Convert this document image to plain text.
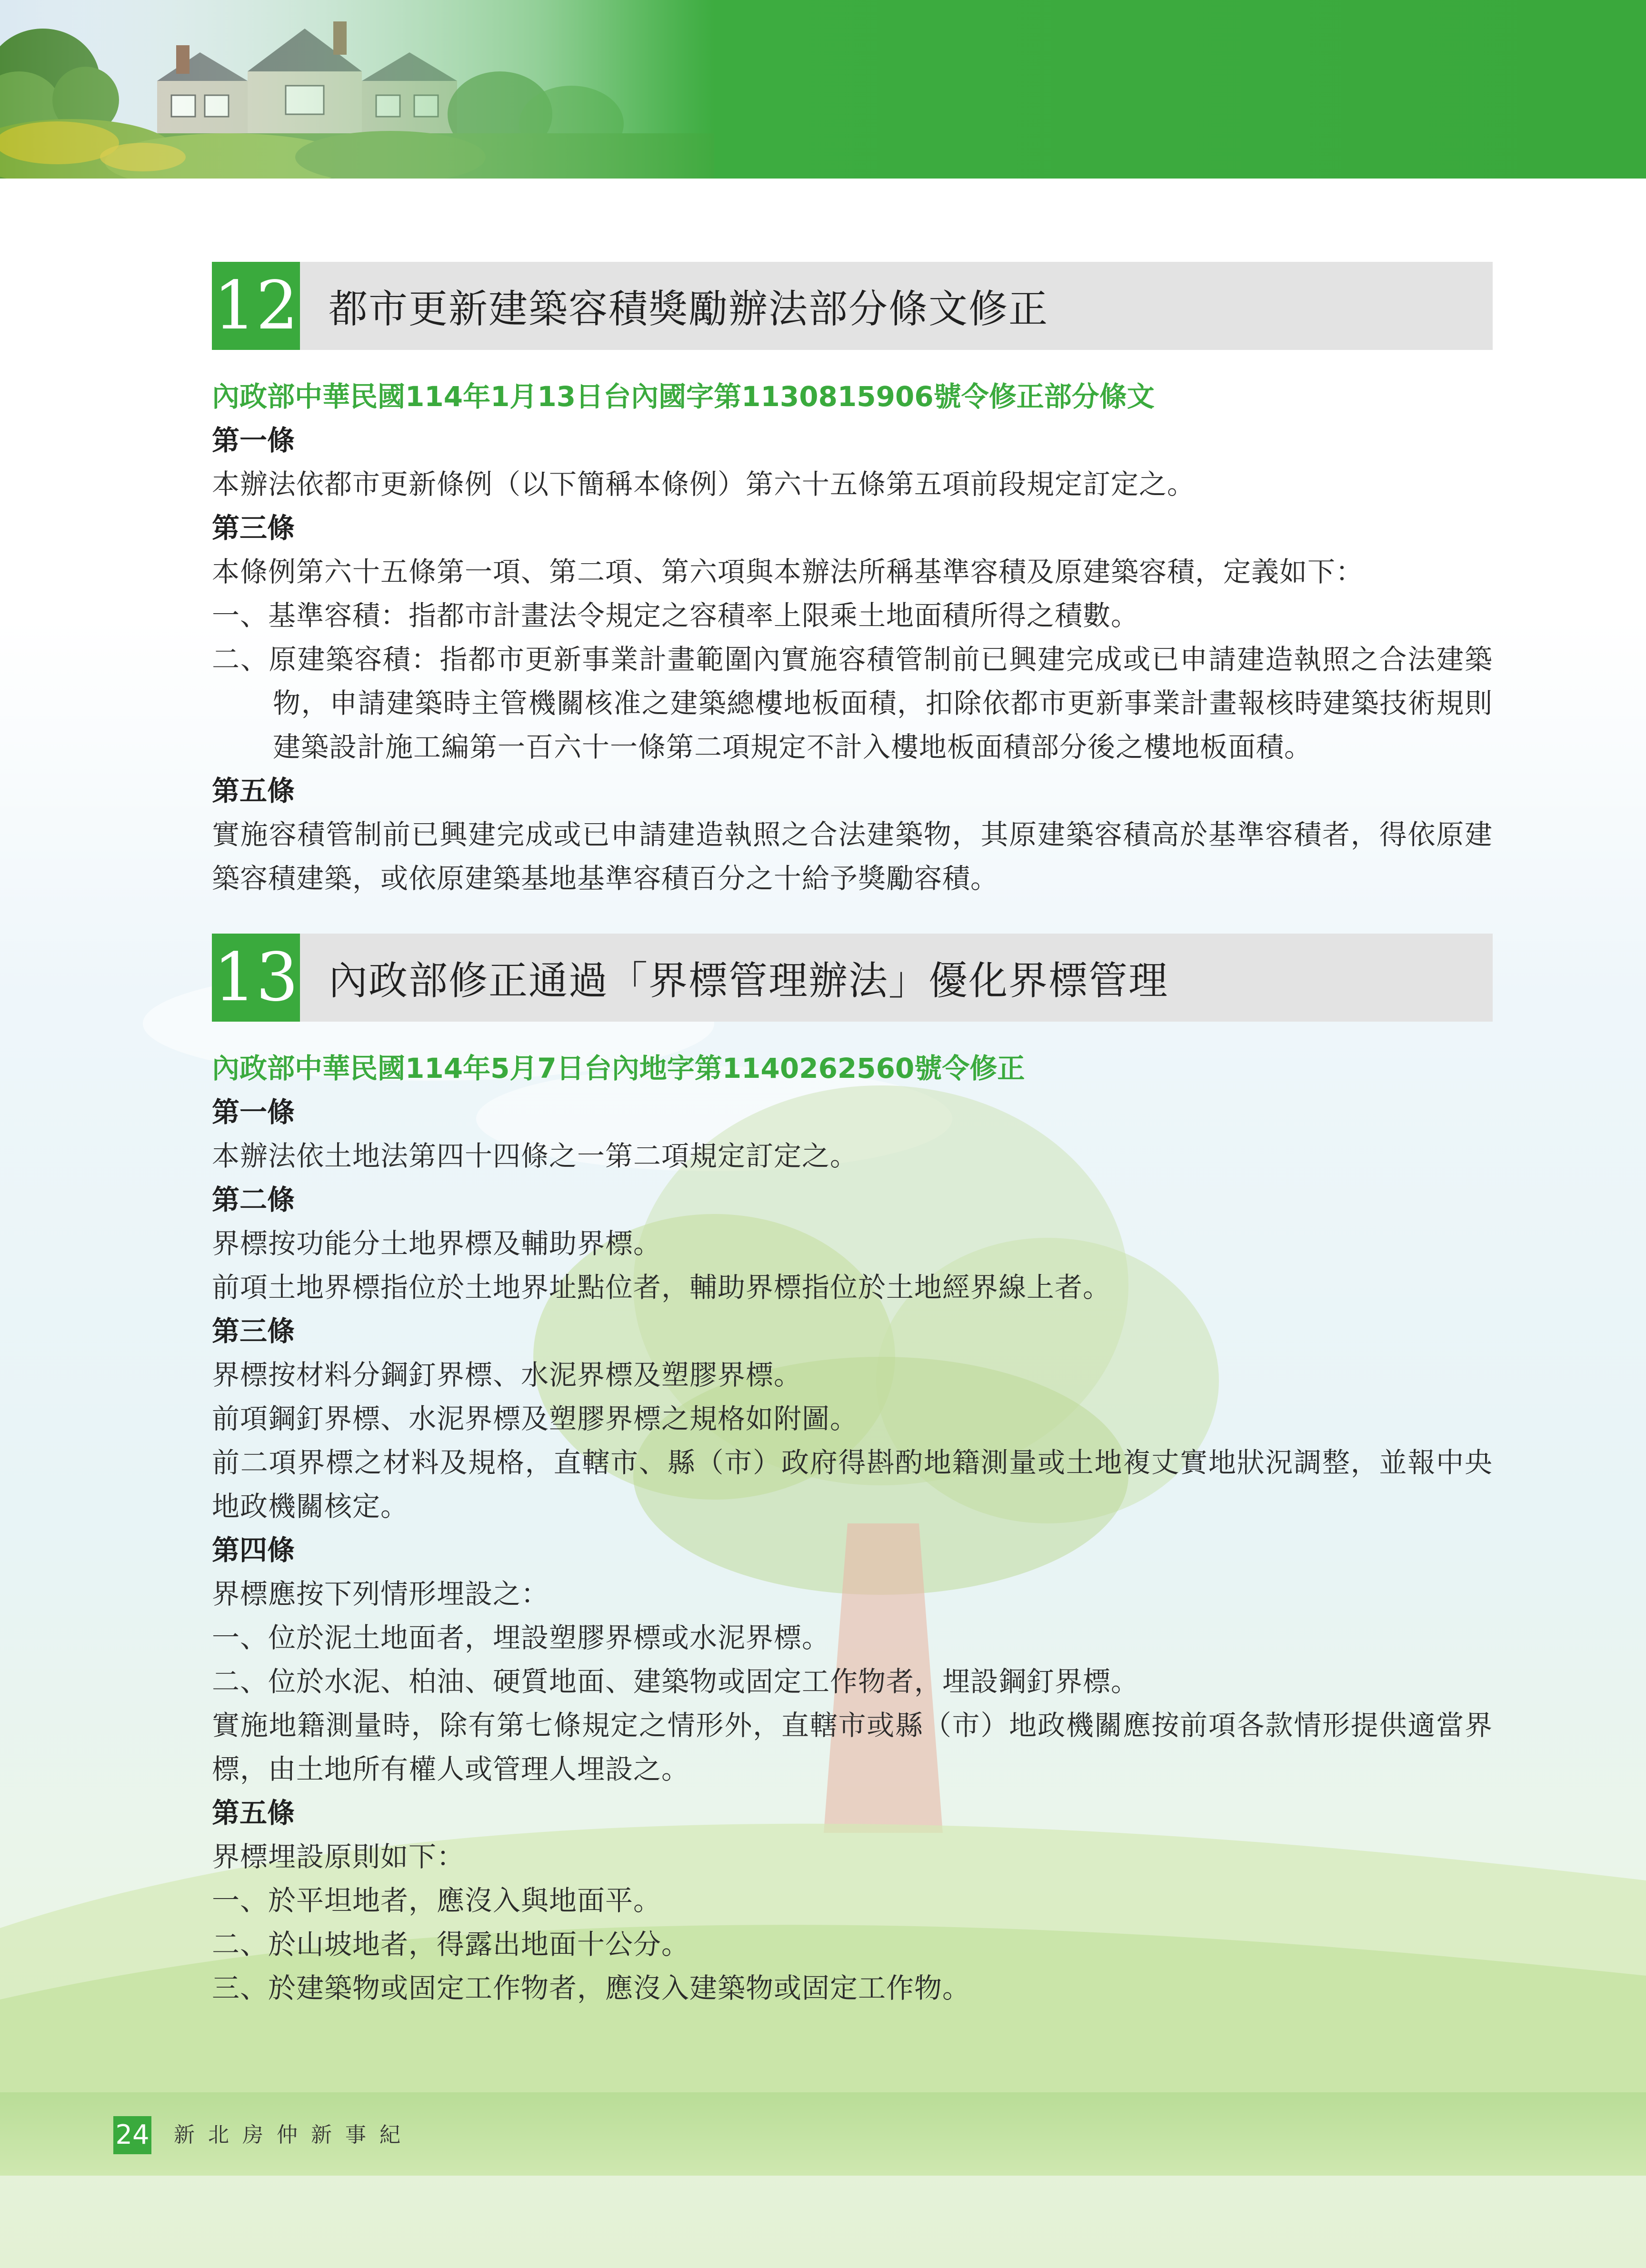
12 都市更新建築容積獎勵辦法部分條文修正
內政部中華民國114年1月13日台內國字第1130815906號令修正部分條文
第一條
本辦法依都市更新條例（以下簡稱本條例）第六十五條第五項前段規定訂定之。
第三條
本條例第六十五條第一項、第二項、第六項與本辦法所稱基準容積及原建築容積，定義如下：
一、基準容積：指都市計畫法令規定之容積率上限乘土地面積所得之積數。
二、原建築容積：指都市更新事業計畫範圍內實施容積管制前已興建完成或已申請建造執照之合法建築物，申請建築時主管機關核准之建築總樓地板面積，扣除依都市更新事業計畫報核時建築技術規則建築設計施工編第一百六十一條第二項規定不計入樓地板面積部分後之樓地板面積。
第五條
實施容積管制前已興建完成或已申請建造執照之合法建築物，其原建築容積高於基準容積者，得依原建築容積建築，或依原建築基地基準容積百分之十給予獎勵容積。
13 內政部修正通過「界標管理辦法」優化界標管理
內政部中華民國114年5月7日台內地字第1140262560號令修正
第一條
本辦法依土地法第四十四條之一第二項規定訂定之。
第二條
界標按功能分土地界標及輔助界標。
前項土地界標指位於土地界址點位者，輔助界標指位於土地經界線上者。
第三條
界標按材料分鋼釘界標、水泥界標及塑膠界標。
前項鋼釘界標、水泥界標及塑膠界標之規格如附圖。
前二項界標之材料及規格，直轄市、縣（市）政府得斟酌地籍測量或土地複丈實地狀況調整，並報中央地政機關核定。
第四條
界標應按下列情形埋設之：
一、位於泥土地面者，埋設塑膠界標或水泥界標。
二、位於水泥、柏油、硬質地面、建築物或固定工作物者，埋設鋼釘界標。
實施地籍測量時，除有第七條規定之情形外，直轄市或縣（市）地政機關應按前項各款情形提供適當界標，由土地所有權人或管理人埋設之。
第五條
界標埋設原則如下：
一、於平坦地者，應沒入與地面平。
二、於山坡地者，得露出地面十公分。
三、於建築物或固定工作物者，應沒入建築物或固定工作物。
24 新北房仲新事紀
